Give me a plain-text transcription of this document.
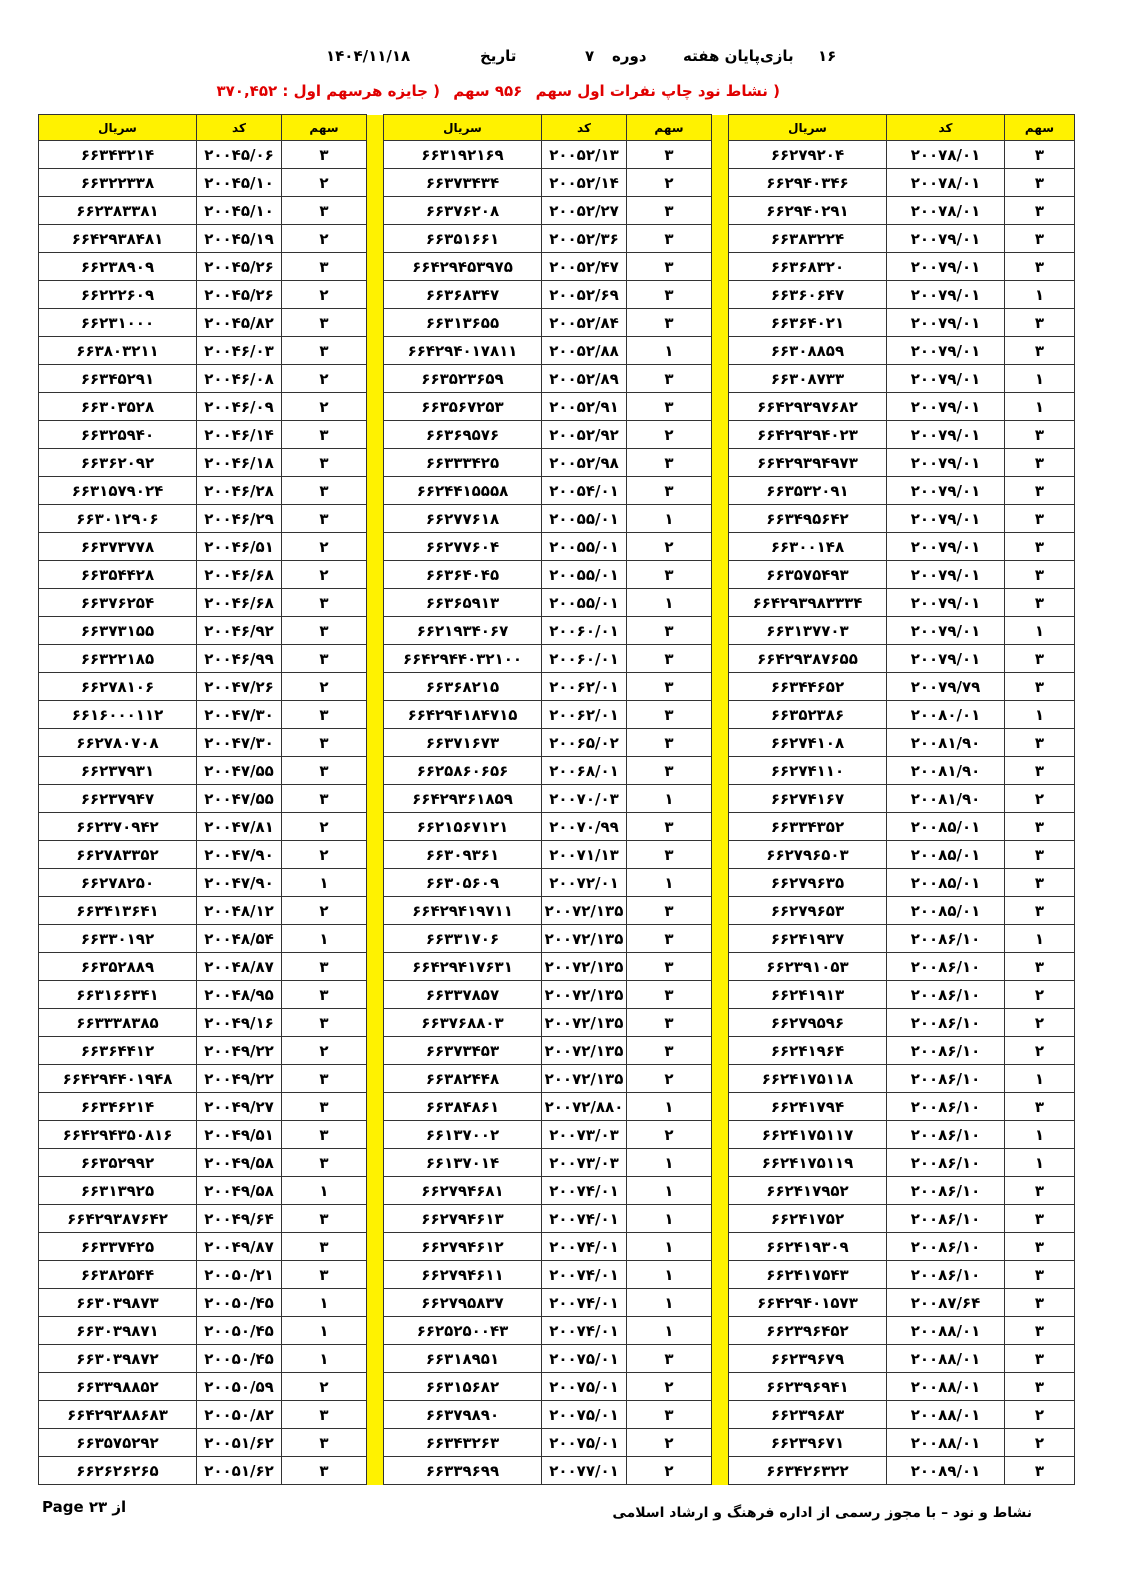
۱۶
بازی‌پایان هفته
دوره
۷
تاریخ
۱۴۰۴/۱۱/۱۸
( نشاط نود چاپ نفرات اول سهم ۹۵۶ سهم ( جایزه هرسهم اول : ۳۷۰,۴۵۲
سریال	کد	سهم		سریال	کد	سهم		سریال	کد	سهم
۶۶۳۴۳۲۱۴	۲۰۰۴۵/۰۶	۳		۶۶۳۱۹۲۱۶۹	۲۰۰۵۲/۱۳	۳		۶۶۲۷۹۲۰۴	۲۰۰۷۸/۰۱	۳
۶۶۳۲۲۳۳۸	۲۰۰۴۵/۱۰	۲		۶۶۳۷۳۴۳۴	۲۰۰۵۲/۱۴	۲		۶۶۲۹۴۰۳۴۶	۲۰۰۷۸/۰۱	۳
۶۶۲۳۸۳۳۸۱	۲۰۰۴۵/۱۰	۳		۶۶۳۷۶۲۰۸	۲۰۰۵۲/۲۷	۳		۶۶۲۹۴۰۲۹۱	۲۰۰۷۸/۰۱	۳
۶۶۴۲۹۳۸۴۸۱	۲۰۰۴۵/۱۹	۲		۶۶۳۵۱۶۶۱	۲۰۰۵۲/۳۶	۳		۶۶۳۸۳۲۲۴	۲۰۰۷۹/۰۱	۳
۶۶۲۳۸۹۰۹	۲۰۰۴۵/۲۶	۳		۶۶۴۲۹۴۵۳۹۷۵	۲۰۰۵۲/۴۷	۳		۶۶۳۶۸۳۲۰	۲۰۰۷۹/۰۱	۳
۶۶۲۲۲۶۰۹	۲۰۰۴۵/۲۶	۲		۶۶۳۶۸۳۴۷	۲۰۰۵۲/۶۹	۳		۶۶۳۶۰۶۴۷	۲۰۰۷۹/۰۱	۱
۶۶۲۳۱۰۰۰	۲۰۰۴۵/۸۲	۳		۶۶۳۱۳۶۵۵	۲۰۰۵۲/۸۴	۳		۶۶۳۶۴۰۲۱	۲۰۰۷۹/۰۱	۳
۶۶۳۸۰۳۲۱۱	۲۰۰۴۶/۰۳	۳		۶۶۴۲۹۴۰۱۷۸۱۱	۲۰۰۵۲/۸۸	۱		۶۶۳۰۸۸۵۹	۲۰۰۷۹/۰۱	۳
۶۶۳۴۵۲۹۱	۲۰۰۴۶/۰۸	۲		۶۶۳۵۲۳۶۵۹	۲۰۰۵۲/۸۹	۳		۶۶۳۰۸۷۳۳	۲۰۰۷۹/۰۱	۱
۶۶۳۰۳۵۲۸	۲۰۰۴۶/۰۹	۲		۶۶۳۵۶۷۲۵۳	۲۰۰۵۲/۹۱	۳		۶۶۴۲۹۳۹۷۶۸۲	۲۰۰۷۹/۰۱	۱
۶۶۳۲۵۹۴۰	۲۰۰۴۶/۱۴	۳		۶۶۳۶۹۵۷۶	۲۰۰۵۲/۹۲	۲		۶۶۴۲۹۳۹۴۰۲۳	۲۰۰۷۹/۰۱	۳
۶۶۳۶۲۰۹۲	۲۰۰۴۶/۱۸	۳		۶۶۳۳۳۴۲۵	۲۰۰۵۲/۹۸	۳		۶۶۴۲۹۳۹۴۹۷۳	۲۰۰۷۹/۰۱	۳
۶۶۳۱۵۷۹۰۲۴	۲۰۰۴۶/۲۸	۳		۶۶۲۴۴۱۵۵۵۸	۲۰۰۵۴/۰۱	۳		۶۶۳۵۳۲۰۹۱	۲۰۰۷۹/۰۱	۳
۶۶۳۰۱۲۹۰۶	۲۰۰۴۶/۲۹	۳		۶۶۲۷۷۶۱۸	۲۰۰۵۵/۰۱	۱		۶۶۳۴۹۵۶۴۲	۲۰۰۷۹/۰۱	۳
۶۶۳۷۳۷۷۸	۲۰۰۴۶/۵۱	۲		۶۶۲۷۷۶۰۴	۲۰۰۵۵/۰۱	۲		۶۶۳۰۰۱۴۸	۲۰۰۷۹/۰۱	۳
۶۶۳۵۴۴۲۸	۲۰۰۴۶/۶۸	۲		۶۶۳۶۴۰۴۵	۲۰۰۵۵/۰۱	۳		۶۶۳۵۷۵۴۹۳	۲۰۰۷۹/۰۱	۳
۶۶۳۷۶۲۵۴	۲۰۰۴۶/۶۸	۳		۶۶۳۶۵۹۱۳	۲۰۰۵۵/۰۱	۱		۶۶۴۲۹۳۹۸۳۳۳۴	۲۰۰۷۹/۰۱	۳
۶۶۳۷۳۱۵۵	۲۰۰۴۶/۹۲	۳		۶۶۲۱۹۳۴۰۶۷	۲۰۰۶۰/۰۱	۳		۶۶۳۱۳۷۷۰۳	۲۰۰۷۹/۰۱	۱
۶۶۳۲۲۱۸۵	۲۰۰۴۶/۹۹	۳		۶۶۴۲۹۴۴۰۳۲۱۰۰	۲۰۰۶۰/۰۱	۳		۶۶۴۲۹۳۸۷۶۵۵	۲۰۰۷۹/۰۱	۳
۶۶۲۷۸۱۰۶	۲۰۰۴۷/۲۶	۲		۶۶۳۶۸۲۱۵	۲۰۰۶۲/۰۱	۳		۶۶۳۴۴۶۵۲	۲۰۰۷۹/۷۹	۳
۶۶۱۶۰۰۰۱۱۲	۲۰۰۴۷/۳۰	۳		۶۶۴۲۹۴۱۸۴۷۱۵	۲۰۰۶۲/۰۱	۳		۶۶۳۵۲۳۸۶	۲۰۰۸۰/۰۱	۱
۶۶۲۷۸۰۷۰۸	۲۰۰۴۷/۳۰	۳		۶۶۳۷۱۶۷۳	۲۰۰۶۵/۰۲	۳		۶۶۲۷۴۱۰۸	۲۰۰۸۱/۹۰	۳
۶۶۲۳۷۹۳۱	۲۰۰۴۷/۵۵	۳		۶۶۲۵۸۶۰۶۵۶	۲۰۰۶۸/۰۱	۳		۶۶۲۷۴۱۱۰	۲۰۰۸۱/۹۰	۳
۶۶۲۳۷۹۴۷	۲۰۰۴۷/۵۵	۳		۶۶۴۲۹۳۶۱۸۵۹	۲۰۰۷۰/۰۳	۱		۶۶۲۷۴۱۶۷	۲۰۰۸۱/۹۰	۲
۶۶۲۳۷۰۹۴۲	۲۰۰۴۷/۸۱	۲		۶۶۲۱۵۶۷۱۲۱	۲۰۰۷۰/۹۹	۳		۶۶۳۳۴۳۵۲	۲۰۰۸۵/۰۱	۳
۶۶۲۷۸۳۳۵۲	۲۰۰۴۷/۹۰	۲		۶۶۳۰۹۳۶۱	۲۰۰۷۱/۱۳	۳		۶۶۲۷۹۶۵۰۳	۲۰۰۸۵/۰۱	۳
۶۶۲۷۸۲۵۰	۲۰۰۴۷/۹۰	۱		۶۶۳۰۵۶۰۹	۲۰۰۷۲/۰۱	۱		۶۶۲۷۹۶۳۵	۲۰۰۸۵/۰۱	۳
۶۶۳۴۱۳۶۴۱	۲۰۰۴۸/۱۲	۲		۶۶۴۲۹۴۱۹۷۱۱	۲۰۰۷۲/۱۳۵	۳		۶۶۲۷۹۶۵۳	۲۰۰۸۵/۰۱	۳
۶۶۳۳۰۱۹۲	۲۰۰۴۸/۵۴	۱		۶۶۳۳۱۷۰۶	۲۰۰۷۲/۱۳۵	۳		۶۶۲۴۱۹۳۷	۲۰۰۸۶/۱۰	۱
۶۶۳۵۲۸۸۹	۲۰۰۴۸/۸۷	۳		۶۶۴۲۹۴۱۷۶۳۱	۲۰۰۷۲/۱۳۵	۳		۶۶۲۳۹۱۰۵۳	۲۰۰۸۶/۱۰	۳
۶۶۳۱۶۶۳۴۱	۲۰۰۴۸/۹۵	۳		۶۶۳۳۷۸۵۷	۲۰۰۷۲/۱۳۵	۳		۶۶۲۴۱۹۱۳	۲۰۰۸۶/۱۰	۲
۶۶۳۳۳۸۳۸۵	۲۰۰۴۹/۱۶	۳		۶۶۳۷۶۸۸۰۳	۲۰۰۷۲/۱۳۵	۳		۶۶۲۷۹۵۹۶	۲۰۰۸۶/۱۰	۲
۶۶۳۶۴۴۱۲	۲۰۰۴۹/۲۲	۲		۶۶۳۷۳۴۵۳	۲۰۰۷۲/۱۳۵	۳		۶۶۲۴۱۹۶۴	۲۰۰۸۶/۱۰	۲
۶۶۴۲۹۴۴۰۱۹۴۸	۲۰۰۴۹/۲۲	۳		۶۶۳۸۲۴۴۸	۲۰۰۷۲/۱۳۵	۲		۶۶۲۴۱۷۵۱۱۸	۲۰۰۸۶/۱۰	۱
۶۶۳۴۶۲۱۴	۲۰۰۴۹/۲۷	۳		۶۶۳۸۴۸۶۱	۲۰۰۷۲/۸۸۰	۱		۶۶۲۴۱۷۹۴	۲۰۰۸۶/۱۰	۳
۶۶۴۲۹۴۳۵۰۸۱۶	۲۰۰۴۹/۵۱	۳		۶۶۱۳۷۰۰۲	۲۰۰۷۳/۰۳	۲		۶۶۲۴۱۷۵۱۱۷	۲۰۰۸۶/۱۰	۱
۶۶۳۵۲۹۹۲	۲۰۰۴۹/۵۸	۳		۶۶۱۳۷۰۱۴	۲۰۰۷۳/۰۳	۱		۶۶۲۴۱۷۵۱۱۹	۲۰۰۸۶/۱۰	۱
۶۶۳۱۳۹۲۵	۲۰۰۴۹/۵۸	۱		۶۶۲۷۹۴۶۸۱	۲۰۰۷۴/۰۱	۱		۶۶۲۴۱۷۹۵۲	۲۰۰۸۶/۱۰	۳
۶۶۴۲۹۳۸۷۶۴۲	۲۰۰۴۹/۶۴	۳		۶۶۲۷۹۴۶۱۳	۲۰۰۷۴/۰۱	۱		۶۶۲۴۱۷۵۲	۲۰۰۸۶/۱۰	۳
۶۶۳۳۷۴۲۵	۲۰۰۴۹/۸۷	۳		۶۶۲۷۹۴۶۱۲	۲۰۰۷۴/۰۱	۱		۶۶۲۴۱۹۳۰۹	۲۰۰۸۶/۱۰	۳
۶۶۳۸۲۵۴۴	۲۰۰۵۰/۲۱	۳		۶۶۲۷۹۴۶۱۱	۲۰۰۷۴/۰۱	۱		۶۶۲۴۱۷۵۴۳	۲۰۰۸۶/۱۰	۳
۶۶۳۰۳۹۸۷۳	۲۰۰۵۰/۴۵	۱		۶۶۲۷۹۵۸۳۷	۲۰۰۷۴/۰۱	۱		۶۶۴۲۹۴۰۱۵۷۳	۲۰۰۸۷/۶۴	۳
۶۶۳۰۳۹۸۷۱	۲۰۰۵۰/۴۵	۱		۶۶۲۵۲۵۰۰۴۳	۲۰۰۷۴/۰۱	۱		۶۶۲۳۹۶۴۵۲	۲۰۰۸۸/۰۱	۳
۶۶۳۰۳۹۸۷۲	۲۰۰۵۰/۴۵	۱		۶۶۳۱۸۹۵۱	۲۰۰۷۵/۰۱	۳		۶۶۲۳۹۶۷۹	۲۰۰۸۸/۰۱	۳
۶۶۳۳۹۸۸۵۲	۲۰۰۵۰/۵۹	۲		۶۶۳۱۵۶۸۲	۲۰۰۷۵/۰۱	۲		۶۶۲۳۹۶۹۴۱	۲۰۰۸۸/۰۱	۳
۶۶۴۲۹۳۸۸۶۸۳	۲۰۰۵۰/۸۲	۳		۶۶۳۷۹۸۹۰	۲۰۰۷۵/۰۱	۳		۶۶۲۳۹۶۸۳	۲۰۰۸۸/۰۱	۲
۶۶۳۵۷۵۲۹۲	۲۰۰۵۱/۶۲	۳		۶۶۳۴۳۲۶۳	۲۰۰۷۵/۰۱	۲		۶۶۲۳۹۶۷۱	۲۰۰۸۸/۰۱	۲
۶۶۲۶۲۶۲۶۵	۲۰۰۵۱/۶۲	۳		۶۶۳۳۹۶۹۹	۲۰۰۷۷/۰۱	۲		۶۶۳۴۲۶۳۲۲	۲۰۰۸۹/۰۱	۳
نشاط و نود – با مجوز رسمی از اداره فرهنگ و ارشاد اسلامی
Page ۲۳ از
